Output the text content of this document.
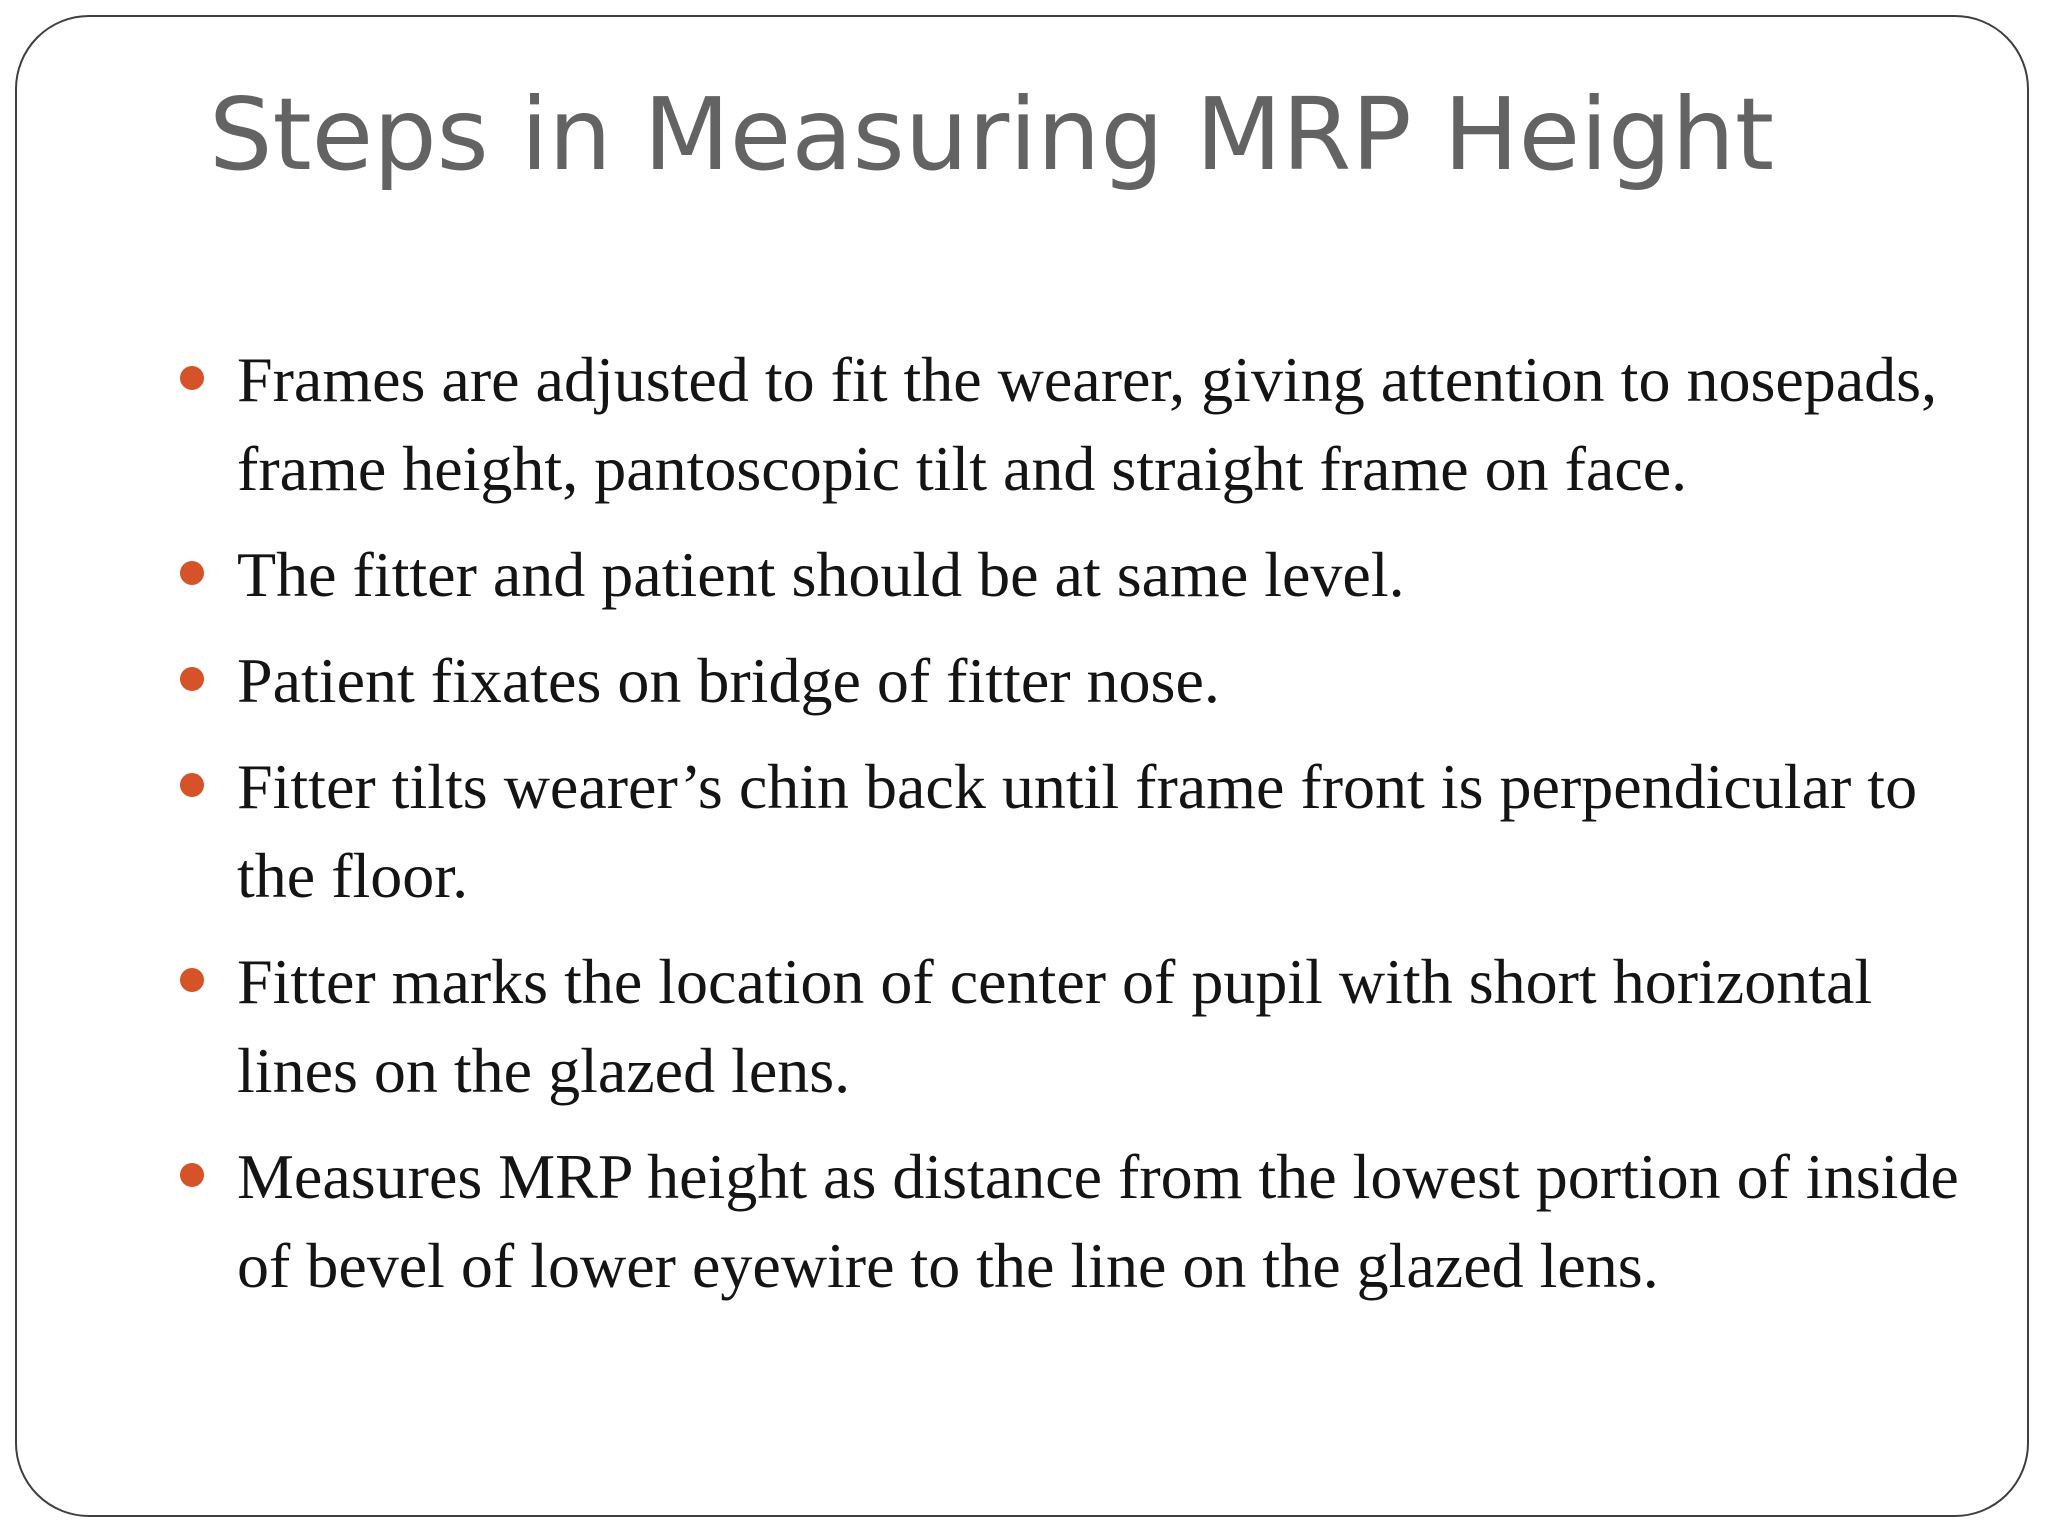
Steps in Measuring MRP Height
Frames are adjusted to fit the wearer, giving attention to nosepads, frame height, pantoscopic tilt and straight frame on face.
The fitter and patient should be at same level.
Patient fixates on bridge of fitter nose.
Fitter tilts wearer’s chin back until frame front is perpendicular to the floor.
Fitter marks the location of center of pupil with short horizontal lines on the glazed lens.
Measures MRP height as distance from the lowest portion of inside of bevel of lower eyewire to the line on the glazed lens.
